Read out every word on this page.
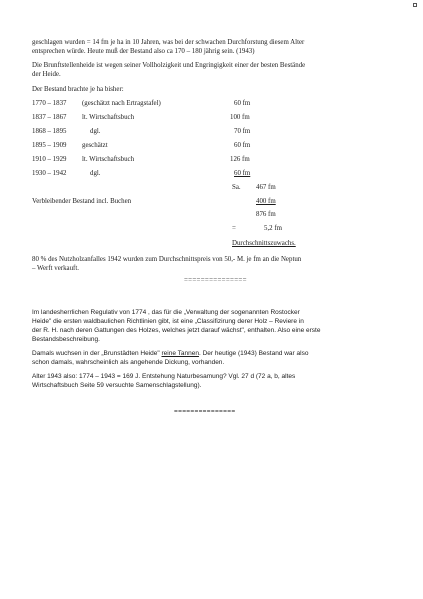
geschlagen wurden = 14 fm je ha in 10 Jahren, was bei der schwachen Durchforstung diesem Alter
entsprechen würde. Heute muß der Bestand also ca 170 – 180 jährig sein. (1943)
Die Brunftstellenheide ist wegen seiner Vollholzigkeit und Engringigkeit einer der besten Bestände
der Heide.
Der Bestand brachte je ha bisher:
1770 – 1837 (geschätzt nach Ertragstafel)	60 fm
1837 – 1867 lt. Wirtschaftsbuch	100 fm
1868 – 1895	dgl.	70 fm
1895 – 1909 geschätzt	60 fm
1910 – 1929 lt. Wirtschaftsbuch	126 fm
1930 – 1942	dgl.	60 fm
Sa. 467 fm
Verbleibender Bestand incl. Buchen	400 fm
876 fm
=	5,2 fm
Durchschnittszuwachs.
80 % des Nutzholzanfalles 1942 wurden zum Durchschnittspreis von 50,- M. je fm an die Neptun
– Werft verkauft.
===============
Im landesherrlichen Regulativ von 1774 , das für die „Verwaltung der sogenannten Rostocker
Heide" die ersten waldbaulichen Richtlinien gibt, ist eine „Classifizirung derer Holz – Reviere in
der R. H. nach deren Gattungen des Holzes, welches jetzt darauf wächst", enthalten. Also eine erste
Bestandsbeschreibung.
Damals wuchsen in der „Brunstädten Heide" reine Tannen. Der heutige (1943) Bestand war also
schon damals, wahrscheinlich als angehende Dickung, vorhanden.
Alter 1943 also: 1774 – 1943 = 169 J. Entstehung Naturbesamung? Vgl. 27 d (72 a, b, altes
Wirtschaftsbuch Seite 59 versuchte Samenschlagstellung).
===============
